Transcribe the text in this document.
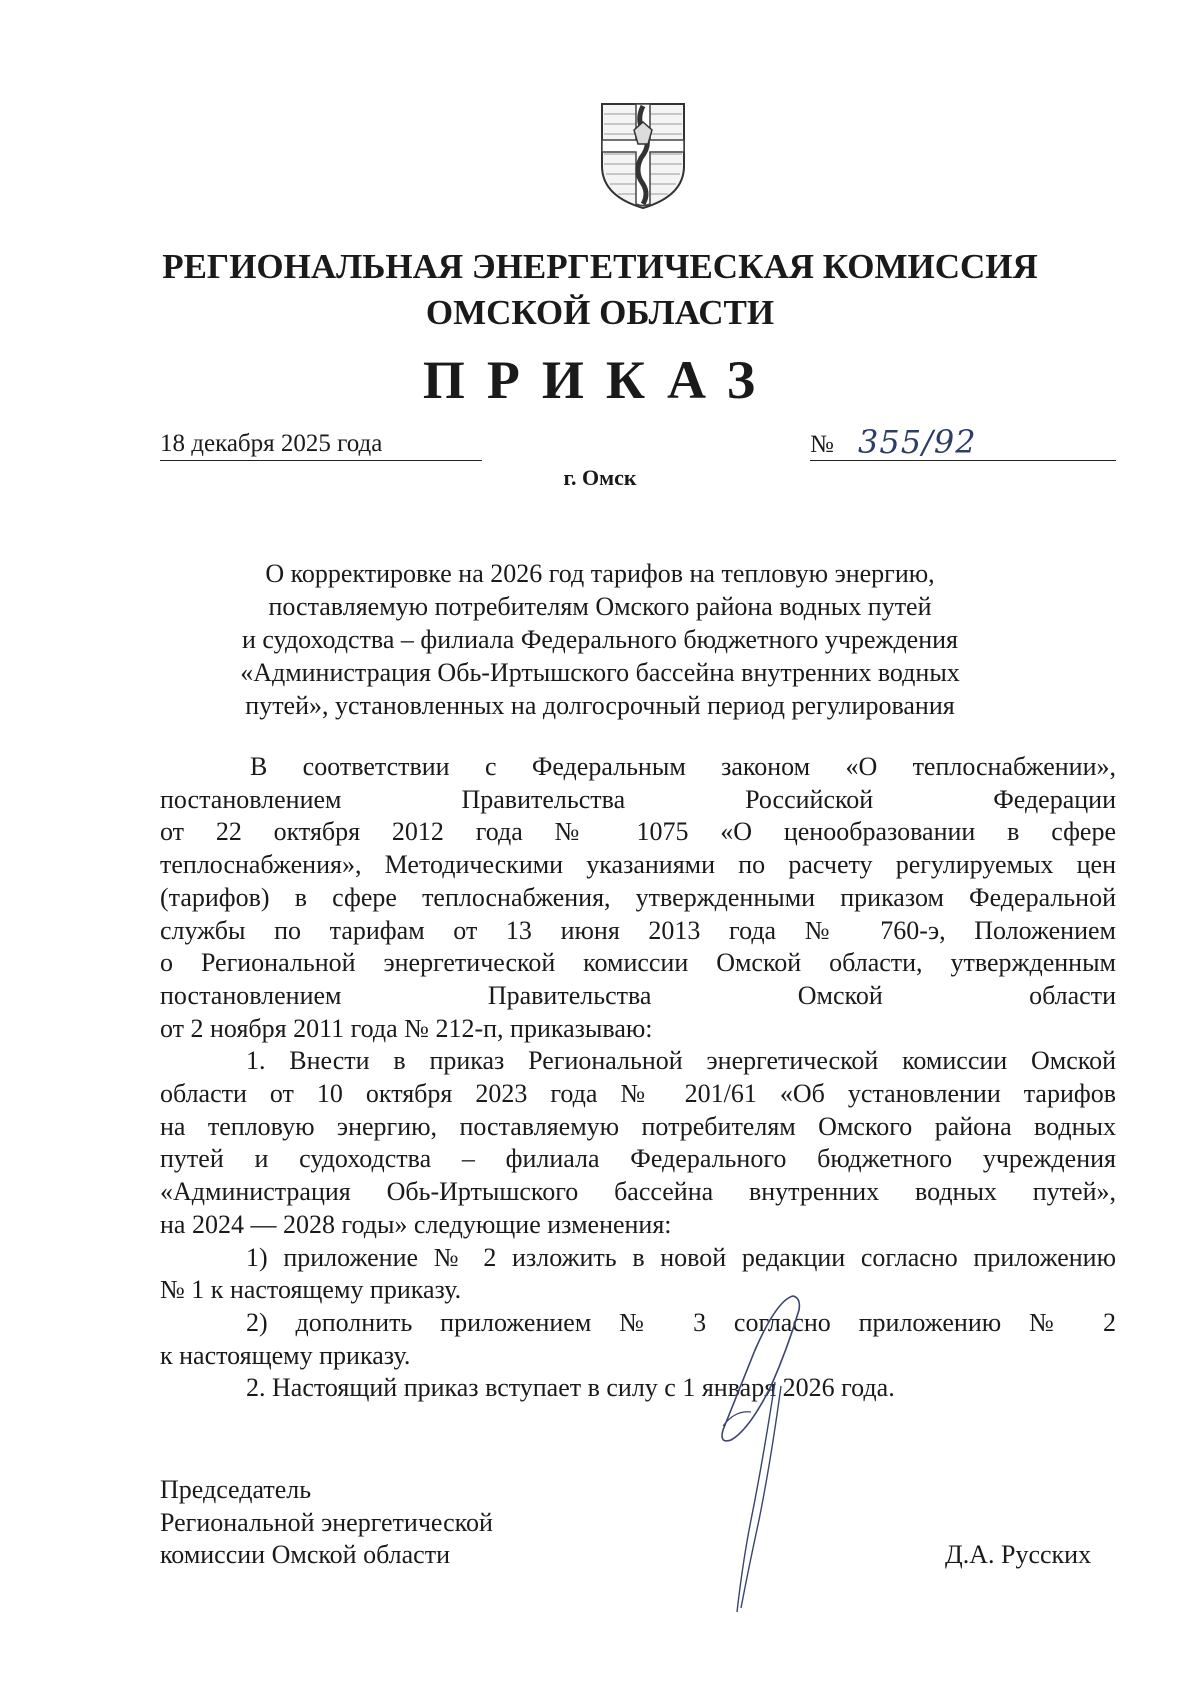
РЕГИОНАЛЬНАЯ ЭНЕРГЕТИЧЕСКАЯ КОМИССИЯ
ОМСКОЙ ОБЛАСТИ
ПРИКАЗ
18 декабря 2025 года	№ 355/92
г. Омск
О корректировке на 2026 год тарифов на тепловую энергию,
поставляемую потребителям Омского района водных путей
и судоходства – филиала Федерального бюджетного учреждения
«Администрация Обь-Иртышского бассейна внутренних водных
путей», установленных на долгосрочный период регулирования
В соответствии с Федеральным законом «О теплоснабжении»,
постановлением Правительства Российской Федерации
от 22 октября 2012 года № 1075 «О ценообразовании в сфере
теплоснабжения», Методическими указаниями по расчету регулируемых цен
(тарифов) в сфере теплоснабжения, утвержденными приказом Федеральной
службы по тарифам от 13 июня 2013 года № 760-э, Положением
о Региональной энергетической комиссии Омской области, утвержденным
постановлением Правительства Омской области
от 2 ноября 2011 года № 212-п, приказываю:
1. Внести в приказ Региональной энергетической комиссии Омской
области от 10 октября 2023 года № 201/61 «Об установлении тарифов
на тепловую энергию, поставляемую потребителям Омского района водных
путей и судоходства – филиала Федерального бюджетного учреждения
«Администрация Обь-Иртышского бассейна внутренних водных путей»,
на 2024 — 2028 годы» следующие изменения:
1) приложение № 2 изложить в новой редакции согласно приложению
№ 1 к настоящему приказу.
2) дополнить приложением № 3 согласно приложению № 2
к настоящему приказу.
2. Настоящий приказ вступает в силу с 1 января 2026 года.
Председатель
Региональной энергетической
комиссии Омской области	Д.А. Русских
